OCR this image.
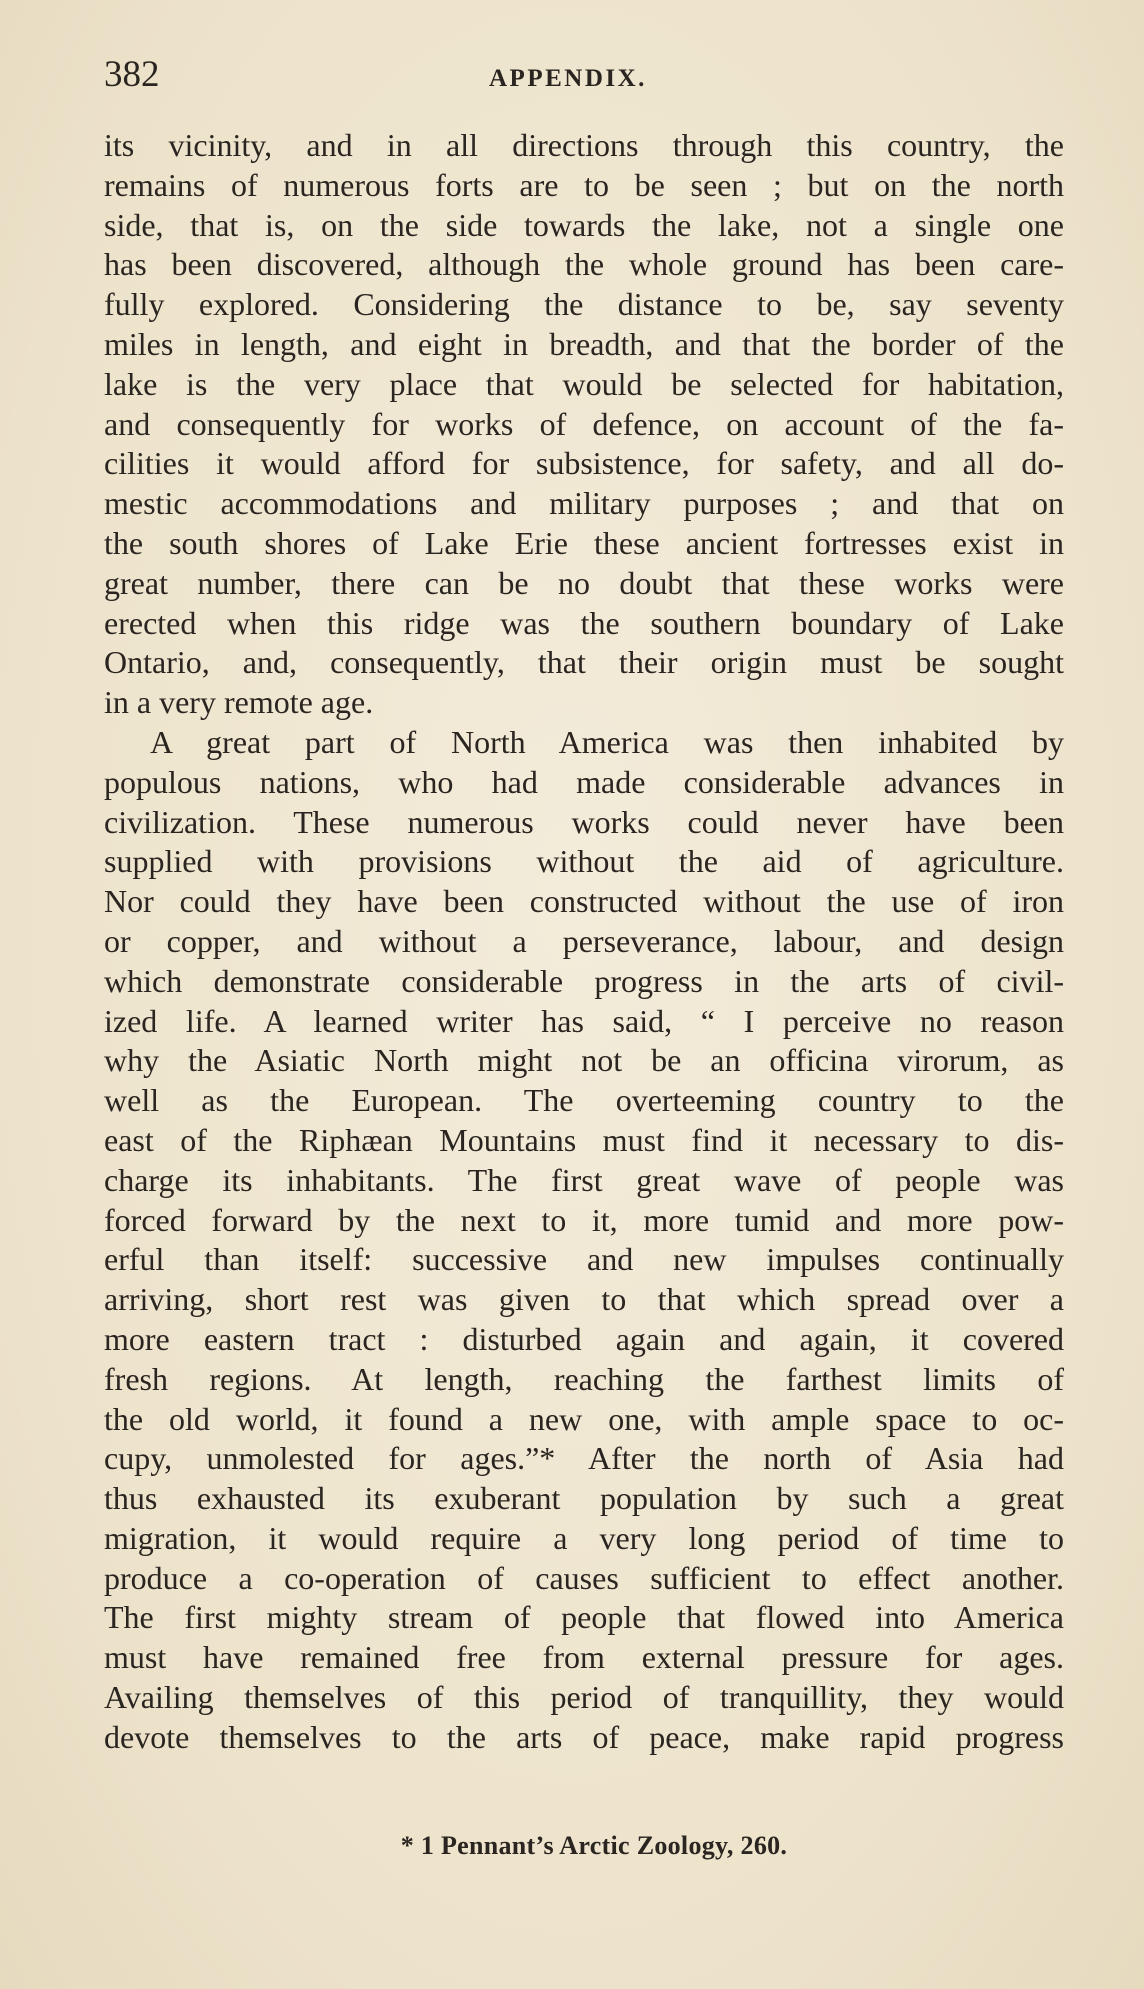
382	APPENDIX.
its vicinity, and in all directions through this country, the
remains of numerous forts are to be seen ; but on the north
side, that is, on the side towards the lake, not a single one
has been discovered, although the whole ground has been care-
fully explored. Considering the distance to be, say seventy
miles in length, and eight in breadth, and that the border of the
lake is the very place that would be selected for habitation,
and consequently for works of defence, on account of the fa-
cilities it would afford for subsistence, for safety, and all do-
mestic accommodations and military purposes ; and that on
the south shores of Lake Erie these ancient fortresses exist in
great number, there can be no doubt that these works were
erected when this ridge was the southern boundary of Lake
Ontario, and, consequently, that their origin must be sought
in a very remote age.
A great part of North America was then inhabited by
populous nations, who had made considerable advances in
civilization. These numerous works could never have been
supplied with provisions without the aid of agriculture.
Nor could they have been constructed without the use of iron
or copper, and without a perseverance, labour, and design
which demonstrate considerable progress in the arts of civil-
ized life. A learned writer has said, “ I perceive no reason
why the Asiatic North might not be an officina virorum, as
well as the European. The overteeming country to the
east of the Riphæan Mountains must find it necessary to dis-
charge its inhabitants. The first great wave of people was
forced forward by the next to it, more tumid and more pow-
erful than itself: successive and new impulses continually
arriving, short rest was given to that which spread over a
more eastern tract : disturbed again and again, it covered
fresh regions. At length, reaching the farthest limits of
the old world, it found a new one, with ample space to oc-
cupy, unmolested for ages.”* After the north of Asia had
thus exhausted its exuberant population by such a great
migration, it would require a very long period of time to
produce a co-operation of causes sufficient to effect another.
The first mighty stream of people that flowed into America
must have remained free from external pressure for ages.
Availing themselves of this period of tranquillity, they would
devote themselves to the arts of peace, make rapid progress
* 1 Pennant’s Arctic Zoology, 260.
